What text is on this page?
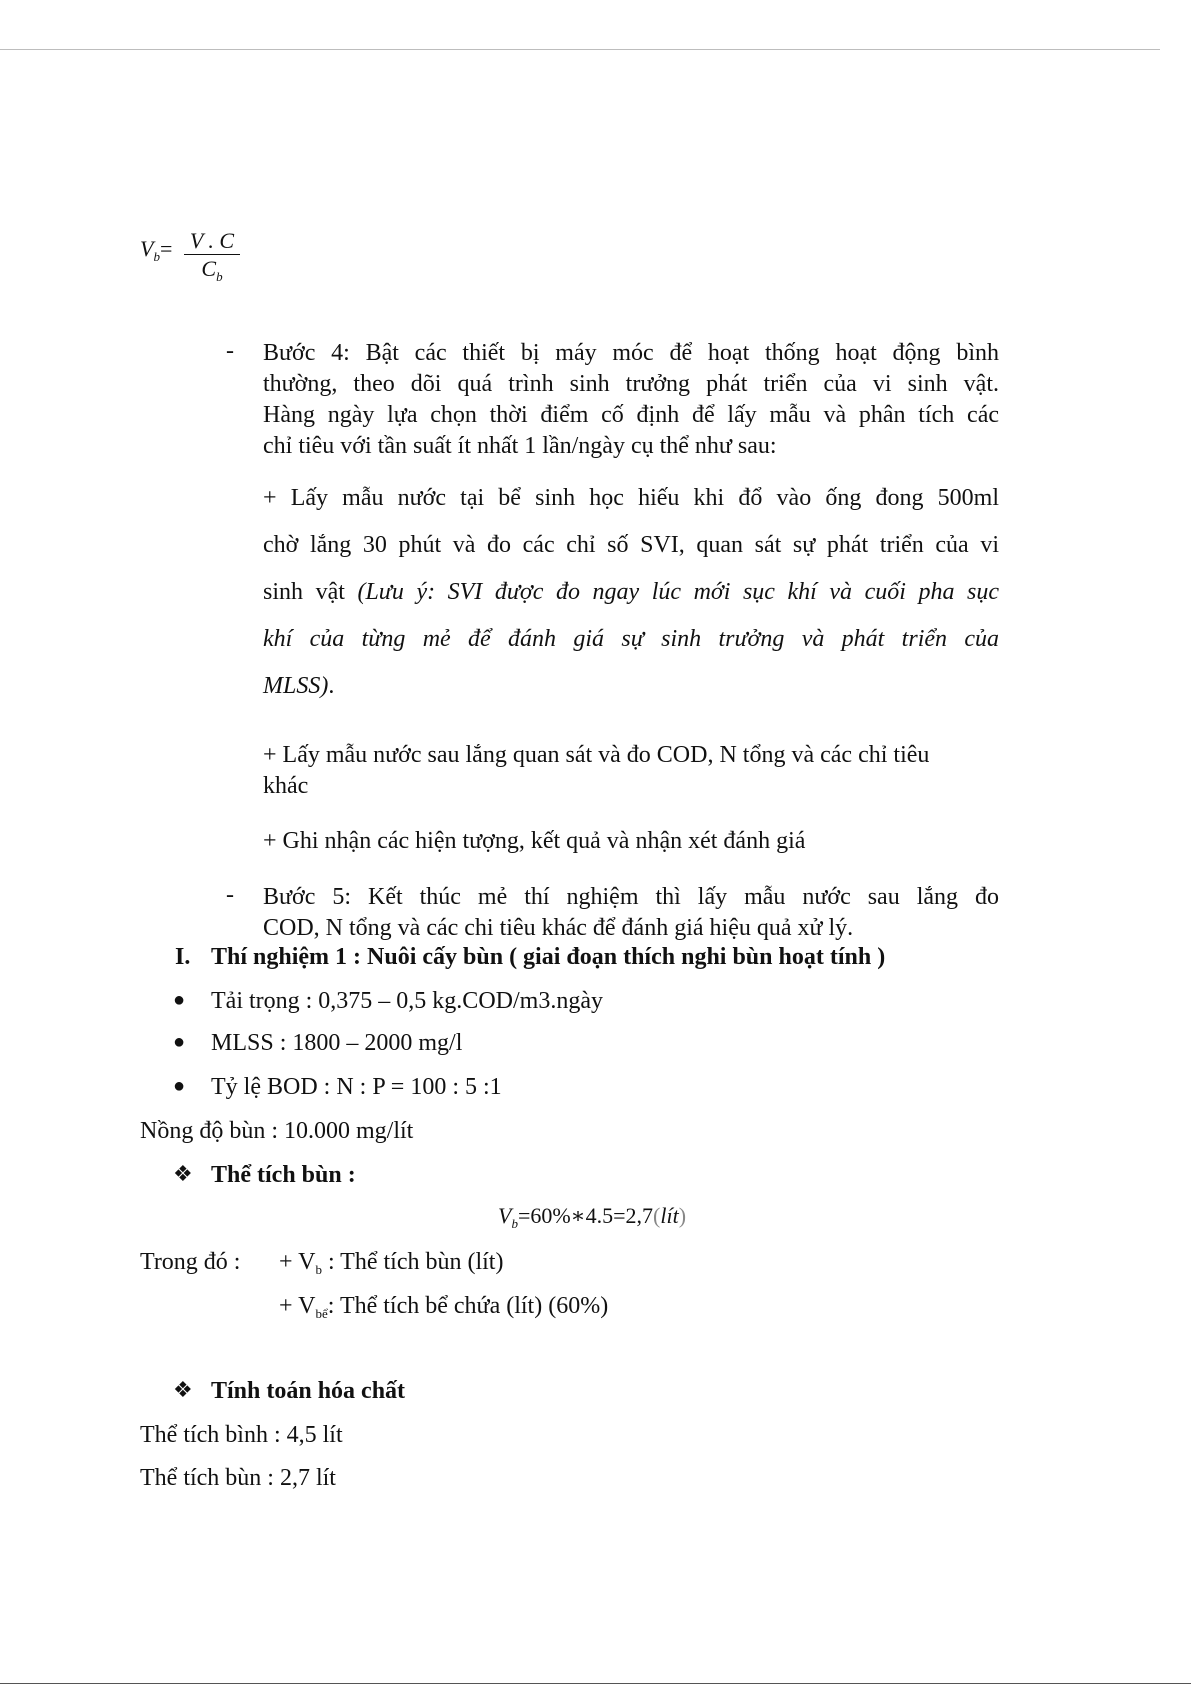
$V_b= \frac{V . C}{C_b}$
- Bước 4: Bật các thiết bị máy móc để hoạt thống hoạt động bình
thường, theo dõi quá trình sinh trưởng phát triển của vi sinh vật.
Hàng ngày lựa chọn thời điểm cố định để lấy mẫu và phân tích các
chỉ tiêu với tần suất ít nhất 1 lần/ngày cụ thể như sau:
+ Lấy mẫu nước tại bể sinh học hiếu khi đổ vào ống đong 500ml
chờ lắng 30 phút và đo các chỉ số SVI, quan sát sự phát triển của vi
sinh vật (Lưu ý: SVI được đo ngay lúc mới sục khí và cuối pha sục
khí của từng mẻ để đánh giá sự sinh trưởng và phát triển của
MLSS).
+ Lấy mẫu nước sau lắng quan sát và đo COD, N tổng và các chỉ tiêu
khác
+ Ghi nhận các hiện tượng, kết quả và nhận xét đánh giá
- Bước 5: Kết thúc mẻ thí nghiệm thì lấy mẫu nước sau lắng đo
COD, N tổng và các chi tiêu khác để đánh giá hiệu quả xử lý.
I. Thí nghiệm 1 : Nuôi cấy bùn ( giai đoạn thích nghi bùn hoạt tính )
● Tải trọng : 0,375 – 0,5 kg.COD/m3.ngày
● MLSS : 1800 – 2000 mg/l
● Tỷ lệ BOD : N : P = 100 : 5 :1
Nồng độ bùn : 10.000 mg/lít
❖ Thể tích bùn :
$V_b=60\%∗4.5=2,7(lít)$
Trong đó : + $V_b$ : Thể tích bùn (lít)
+ $V_{bể}$: Thể tích bể chứa (lít) (60%)
❖ Tính toán hóa chất
Thể tích bình : 4,5 lít
Thể tích bùn : 2,7 lít
